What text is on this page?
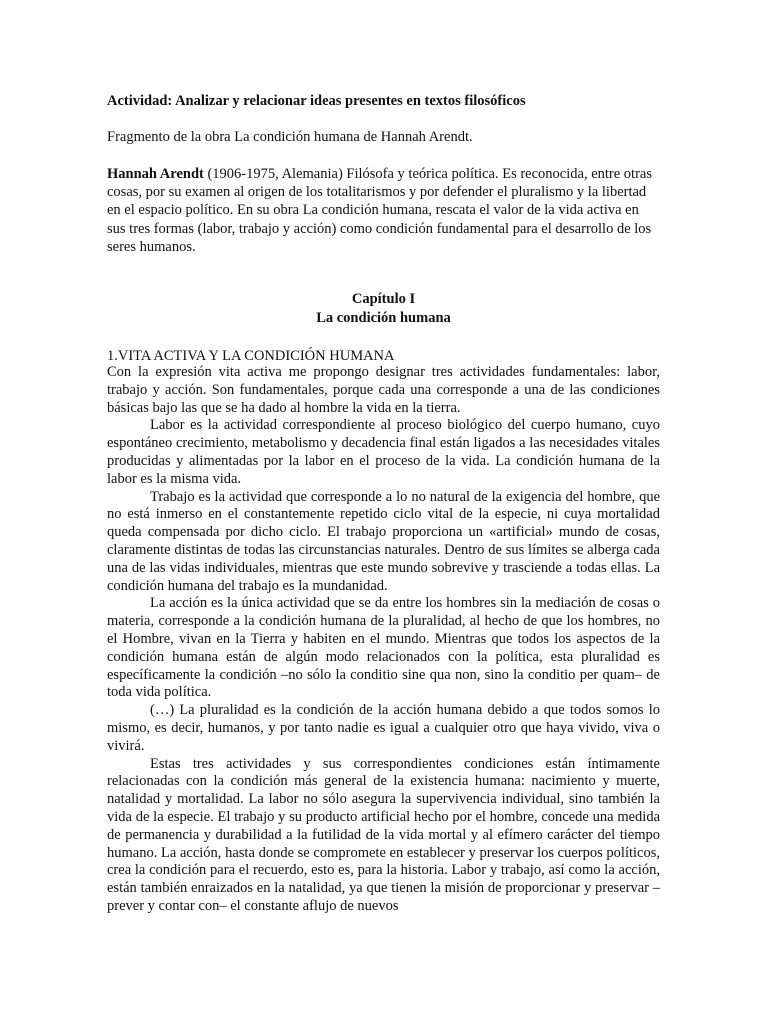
Actividad: Analizar y relacionar ideas presentes en textos filosóficos
Fragmento de la obra La condición humana de Hannah Arendt.
Hannah Arendt (1906-1975, Alemania) Filósofa y teórica política. Es reconocida, entre otras cosas, por su examen al origen de los totalitarismos y por defender el pluralismo y la libertad en el espacio político. En su obra La condición humana, rescata el valor de la vida activa en sus tres formas (labor, trabajo y acción) como condición fundamental para el desarrollo de los seres humanos.
Capítulo I
La condición humana
1.VITA ACTIVA Y LA CONDICIÓN HUMANA

Con la expresión vita activa me propongo designar tres actividades fundamentales: labor, trabajo y acción. Son fundamentales, porque cada una corresponde a una de las condiciones básicas bajo las que se ha dado al hombre la vida en la tierra.

Labor es la actividad correspondiente al proceso biológico del cuerpo humano, cuyo espontáneo crecimiento, metabolismo y decadencia final están ligados a las necesidades vitales producidas y alimentadas por la labor en el proceso de la vida. La condición humana de la labor es la misma vida.

Trabajo es la actividad que corresponde a lo no natural de la exigencia del hombre, que no está inmerso en el constantemente repetido ciclo vital de la especie, ni cuya mortalidad queda compensada por dicho ciclo. El trabajo proporciona un «artificial» mundo de cosas, claramente distintas de todas las circunstancias naturales. Dentro de sus límites se alberga cada una de las vidas individuales, mientras que este mundo sobrevive y trasciende a todas ellas. La condición humana del trabajo es la mundanidad.

La acción es la única actividad que se da entre los hombres sin la mediación de cosas o materia, corresponde a la condición humana de la pluralidad, al hecho de que los hombres, no el Hombre, vivan en la Tierra y habiten en el mundo. Mientras que todos los aspectos de la condición humana están de algún modo relacionados con la política, esta pluralidad es específicamente la condición –no sólo la conditio sine qua non, sino la conditio per quam– de toda vida política.

(…) La pluralidad es la condición de la acción humana debido a que todos somos lo mismo, es decir, humanos, y por tanto nadie es igual a cualquier otro que haya vivido, viva o vivirá.

Estas tres actividades y sus correspondientes condiciones están íntimamente relacionadas con la condición más general de la existencia humana: nacimiento y muerte, natalidad y mortalidad. La labor no sólo asegura la supervivencia individual, sino también la vida de la especie. El trabajo y su producto artificial hecho por el hombre, concede una medida de permanencia y durabilidad a la futilidad de la vida mortal y al efímero carácter del tiempo humano. La acción, hasta donde se compromete en establecer y preservar los cuerpos políticos, crea la condición para el recuerdo, esto es, para la historia. Labor y trabajo, así como la acción, están también enraizados en la natalidad, ya que tienen la misión de proporcionar y preservar –prever y contar con– el constante aflujo de nuevos
